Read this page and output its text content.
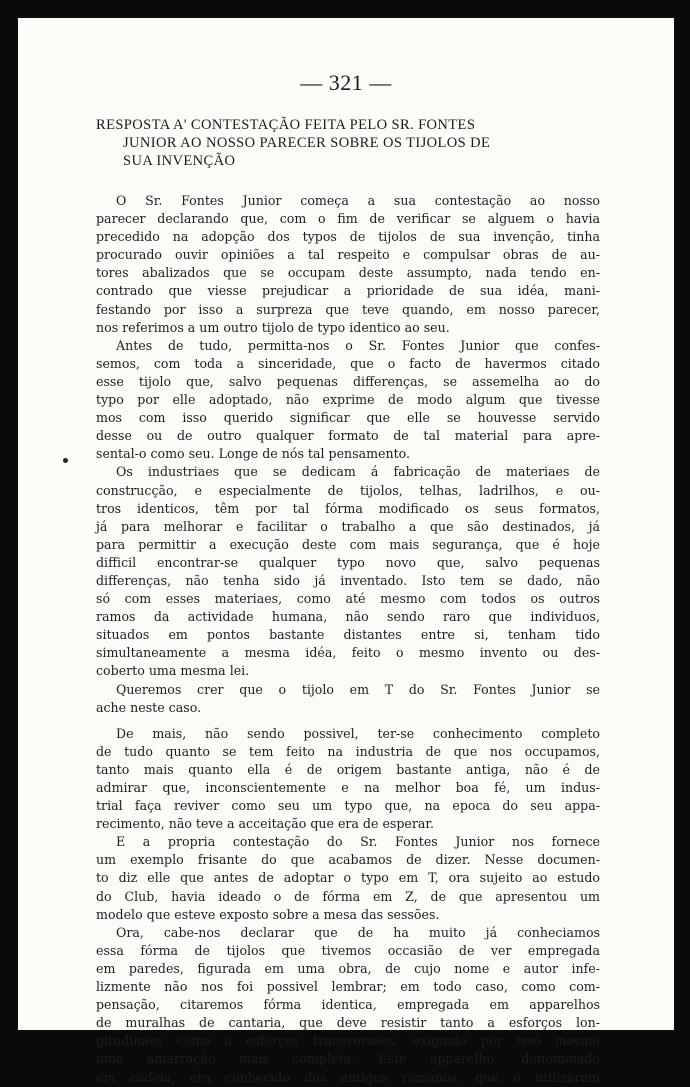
— 321 —
RESPOSTA A' CONTESTAÇÃO FEITA PELO SR. FONTES
JUNIOR AO NOSSO PARECER SOBRE OS TIJOLOS DE
SUA INVENÇÃO
O Sr. Fontes Junior começa a sua contestação ao nosso
parecer declarando que, com o fim de verificar se alguem o havia
precedido na adopção dos typos de tijolos de sua invenção, tinha
procurado ouvir opiniões a tal respeito e compulsar obras de au-
tores abalizados que se occupam deste assumpto, nada tendo en-
contrado que viesse prejudicar a prioridade de sua idéa, mani-
festando por isso a surpreza que teve quando, em nosso parecer,
nos referimos a um outro tijolo de typo identico ao seu.
Antes de tudo, permitta-nos o Sr. Fontes Junior que confes-
semos, com toda a sinceridade, que o facto de havermos citado
esse tijolo que, salvo pequenas differenças, se assemelha ao do
typo por elle adoptado, não exprime de modo algum que tivesse
mos com isso querido significar que elle se houvesse servido
desse ou de outro qualquer formato de tal material para apre-
sental-o como seu. Longe de nós tal pensamento.
Os industriaes que se dedicam á fabricação de materiaes de
construcção, e especialmente de tijolos, telhas, ladrilhos, e ou-
tros identicos, têm por tal fórma modificado os seus formatos,
já para melhorar e facilitar o trabalho a que são destinados, já
para permittir a execução deste com mais segurança, que é hoje
difficil encontrar-se qualquer typo novo que, salvo pequenas
differenças, não tenha sido já inventado. Isto tem se dado, não
só com esses materiaes, como até mesmo com todos os outros
ramos da actividade humana, não sendo raro que individuos,
situados em pontos bastante distantes entre si, tenham tido
simultaneamente a mesma idéa, feito o mesmo invento ou des-
coberto uma mesma lei.
Queremos crer que o tijolo em T do Sr. Fontes Junior se
ache neste caso.
De mais, não sendo possivel, ter-se conhecimento completo
de tudo quanto se tem feito na industria de que nos occupamos,
tanto mais quanto ella é de origem bastante antiga, não é de
admirar que, inconscientemente e na melhor boa fé, um indus-
trial faça reviver como seu um typo que, na epoca do seu appa-
recimento, não teve a acceitação que era de esperar.
E a propria contestação do Sr. Fontes Junior nos fornece
um exemplo frisante do que acabamos de dizer. Nesse documen-
to diz elle que antes de adoptar o typo em T, ora sujeito ao estudo
do Club, havia ideado o de fórma em Z, de que apresentou um
modelo que esteve exposto sobre a mesa das sessões.
Ora, cabe-nos declarar que de ha muito já conheciamos
essa fórma de tijolos que tivemos occasião de ver empregada
em paredes, figurada em uma obra, de cujo nome e autor infe-
lizmente não nos foi possivel lembrar; em todo caso, como com-
pensação, citaremos fórma identica, empregada em apparelhos
de muralhas de cantaria, que deve resistir tanto a esforços lon-
gitudinaes como a esforços transversaes, exigindo por isso mesmo
uma amarração mais completa. Este apparelho, denominado
em cadeia, era conhecido dos antigos romanos, que o utilizaram
